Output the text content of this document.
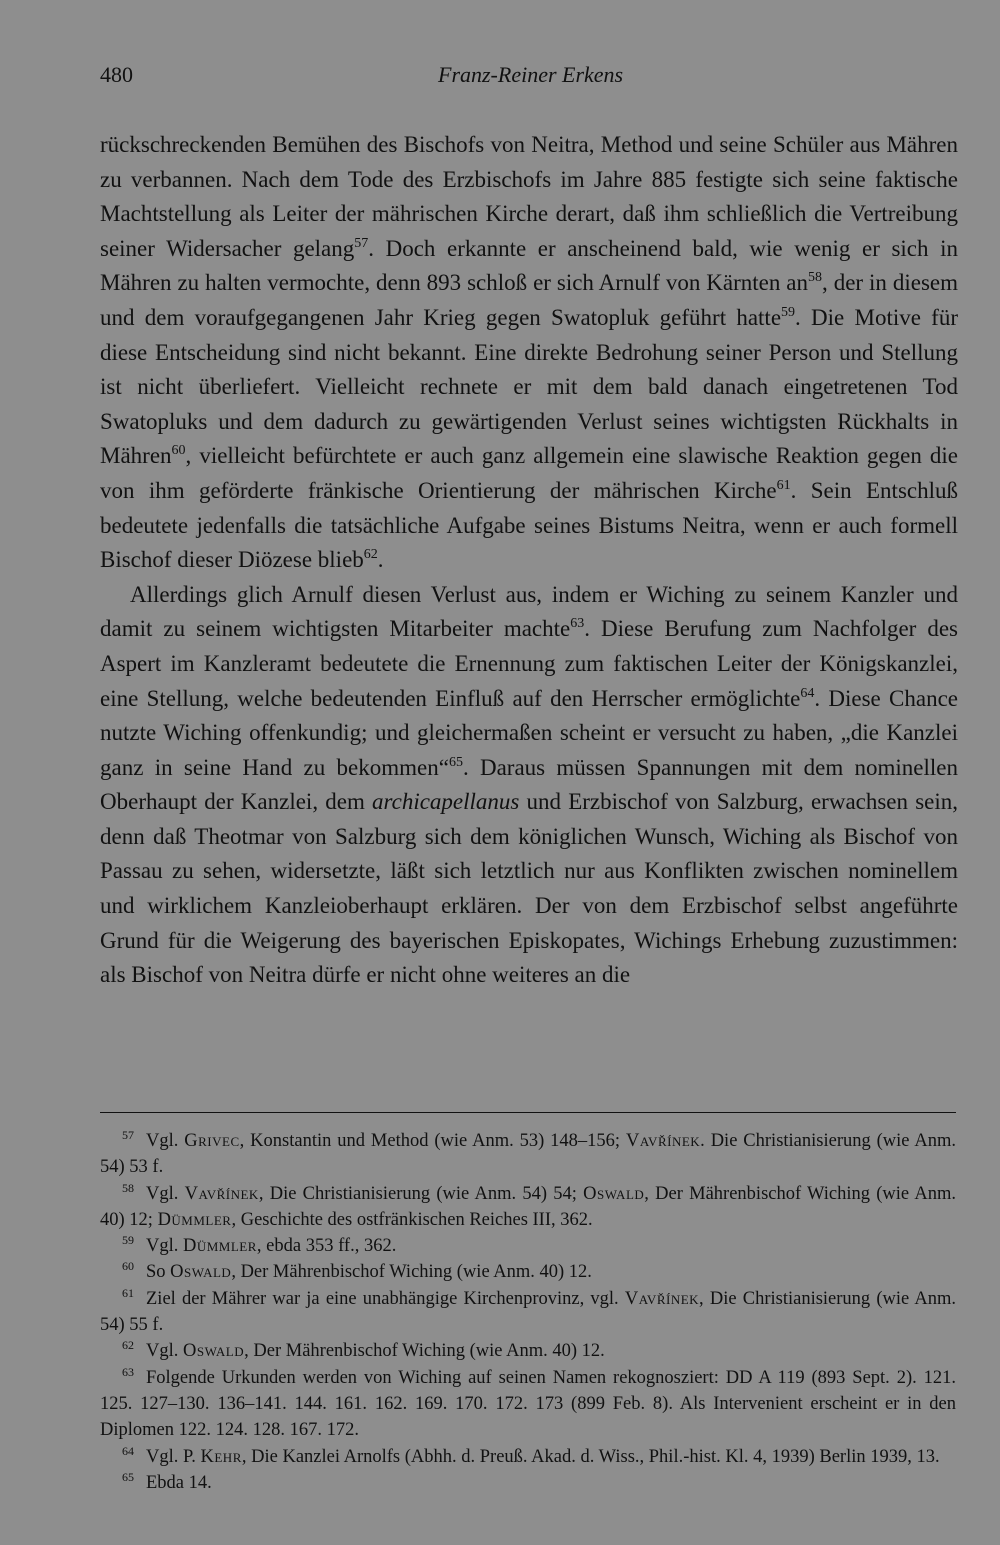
480	Franz-Reiner Erkens

rückschreckenden Bemühen des Bischofs von Neitra, Method und seine Schüler aus Mähren zu verbannen. Nach dem Tode des Erzbischofs im Jahre 885 festigte sich seine faktische Machtstellung als Leiter der mährischen Kirche derart, daß ihm schließlich die Vertreibung seiner Widersacher gelang$^{57}$. Doch erkannte er anscheinend bald, wie wenig er sich in Mähren zu halten vermochte, denn 893 schloß er sich Arnulf von Kärnten $an^{58}$, der in diesem und dem voraufgegangenen Jahr Krieg gegen Swatopluk geführt hatte$^{59}$. Die Motive für diese Entscheidung sind nicht bekannt. Eine direkte Bedrohung seiner Person und Stellung ist nicht überliefert. Vielleicht rechnete er mit dem bald danach eingetretenen Tod Swatopluks und dem dadurch zu gewärtigenden Verlust seines wichtigsten Rückhalts in Mähren$^{60}$, vielleicht befürchtete er auch ganz allgemein eine slawische Reaktion gegen die von ihm geförderte fränkische Orientierung der mährischen Kirche$^{61}$. Sein Entschluß bedeutete jedenfalls die tatsächliche Aufgabe seines Bistums Neitra, wenn er auch formell Bischof dieser Diözese blieb$^{62}$.

Allerdings glich Arnulf diesen Verlust aus, indem er Wiching zu seinem Kanzler und damit zu seinem wichtigsten Mitarbeiter machte$^{63}$. Diese Berufung zum Nachfolger des Aspert im Kanzleramt bedeutete die Ernennung zum faktischen Leiter der Königskanzlei, eine Stellung, welche bedeutenden Einfluß auf den Herrscher ermöglichte$^{64}$. Diese Chance nutzte Wiching offenkundig; und gleichermaßen scheint er versucht zu haben, „die Kanzlei ganz in seine Hand zu bekommen“$^{65}$. Daraus müssen Spannungen mit dem nominellen Oberhaupt der Kanzlei, dem archicapellanus und Erzbischof von Salzburg, erwachsen sein, denn daß Theotmar von Salzburg sich dem königlichen Wunsch, Wiching als Bischof von Passau zu sehen, widersetzte, läßt sich letztlich nur aus Konflikten zwischen nominellem und wirklichem Kanzleioberhaupt erklären. Der von dem Erzbischof selbst angeführte Grund für die Weigerung des bayerischen Episkopates, Wichings Erhebung zuzustimmen: als Bischof von Neitra dürfe er nicht ohne weiteres an die

$^{57}$ Vgl. Grivec, Konstantin und Method (wie Anm. 53) 148–156; Vavřínek. Die Christianisierung (wie Anm. 54) 53 f.

$^{58}$ Vgl. Vavřínek, Die Christianisierung (wie Anm. 54) 54; Oswald, Der Mährenbischof Wiching (wie Anm. 40) 12; Dümmler, Geschichte des ostfränkischen Reiches III, 362.

$^{59}$ Vgl. Dümmler, ebda 353 ff., 362.

$^{60}$ So Oswald, Der Mährenbischof Wiching (wie Anm. 40) 12.

$^{61}$ Ziel der Mährer war ja eine unabhängige Kirchenprovinz, vgl. Vavřínek, Die Christianisierung (wie Anm. 54) 55 f.

$^{62}$ Vgl. Oswald, Der Mährenbischof Wiching (wie Anm. 40) 12.

$^{63}$ Folgende Urkunden werden von Wiching auf seinen Namen rekognosziert: DD A 119 (893 Sept. 2). 121. 125. 127–130. 136–141. 144. 161. 162. 169. 170. 172. 173 (899 Feb. 8). Als Intervenient erscheint er in den Diplomen 122. 124. 128. 167. 172.

$^{64}$ Vgl. P. Kehr, Die Kanzlei Arnolfs (Abhh. d. Preuß. Akad. d. Wiss., Phil.-hist. Kl. 4, 1939) Berlin 1939, 13.

$^{65}$ Ebda 14.
